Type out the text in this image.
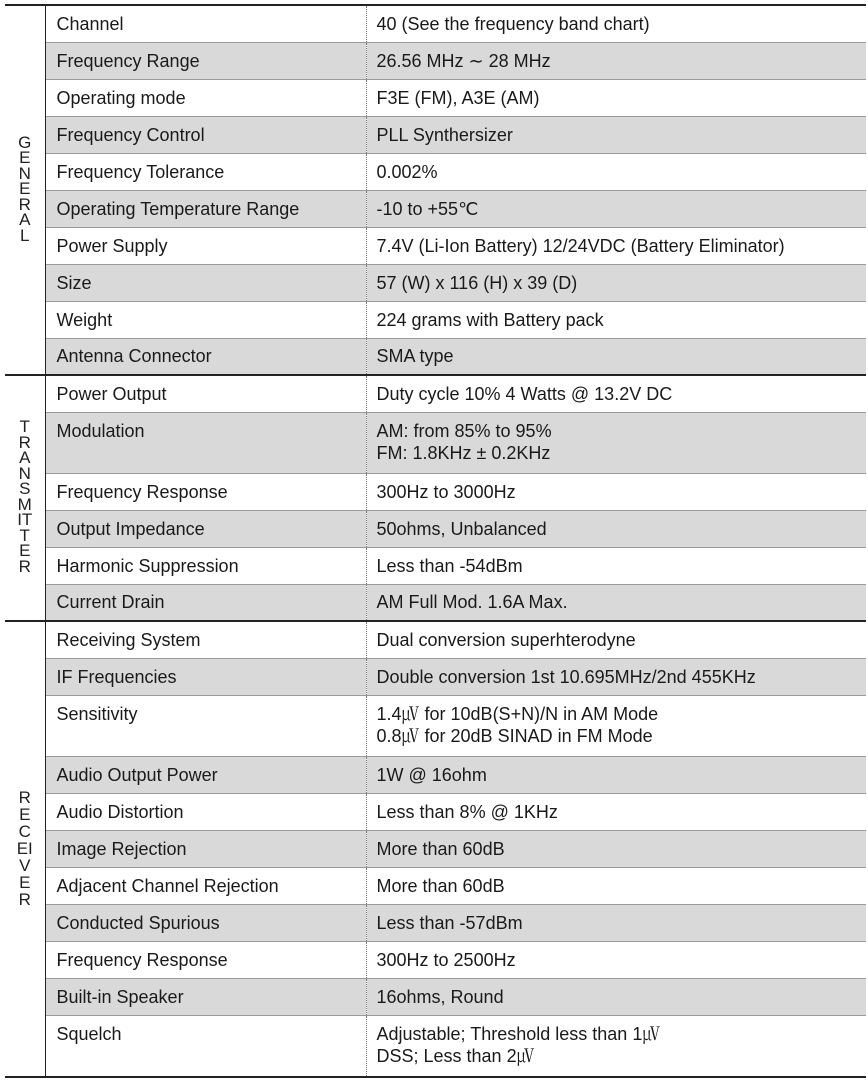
GENERAL	Channel	40 (See the frequency band chart)
	Frequency Range	26.56 MHz ∼ 28 MHz
	Operating mode	F3E (FM), A3E (AM)
	Frequency Control	PLL Synthersizer
	Frequency Tolerance	0.002%
	Operating Temperature Range	-10 to +55℃
	Power Supply	7.4V (Li-Ion Battery) 12/24VDC (Battery Eliminator)
	Size	57 (W) x 116 (H) x 39 (D)
	Weight	224 grams with Battery pack
	Antenna Connector	SMA type
TRANSMITTER	Power Output	Duty cycle 10% 4 Watts @ 13.2V DC
	Modulation	AM: from 85% to 95%
FM: 1.8KHz ± 0.2KHz

	Frequency Response	300Hz to 3000Hz
	Output Impedance	50ohms, Unbalanced
	Harmonic Suppression	Less than -54dBm
	Current Drain	AM Full Mod. 1.6A Max.
RECEIVER	Receiving System	Dual conversion superhterodyne
	IF Frequencies	Double conversion 1st 10.695MHz/2nd 455KHz
	Sensitivity	1.4㎶ for 10dB(S+N)/N in AM Mode
0.8㎶ for 20dB SINAD in FM Mode

	Audio Output Power	1W @ 16ohm
	Audio Distortion	Less than 8% @ 1KHz
	Image Rejection	More than 60dB
	Adjacent Channel Rejection	More than 60dB
	Conducted Spurious	Less than -57dBm
	Frequency Response	300Hz to 2500Hz
	Built-in Speaker	16ohms, Round
	Squelch	Adjustable; Threshold less than 1㎶
DSS; Less than 2㎶
